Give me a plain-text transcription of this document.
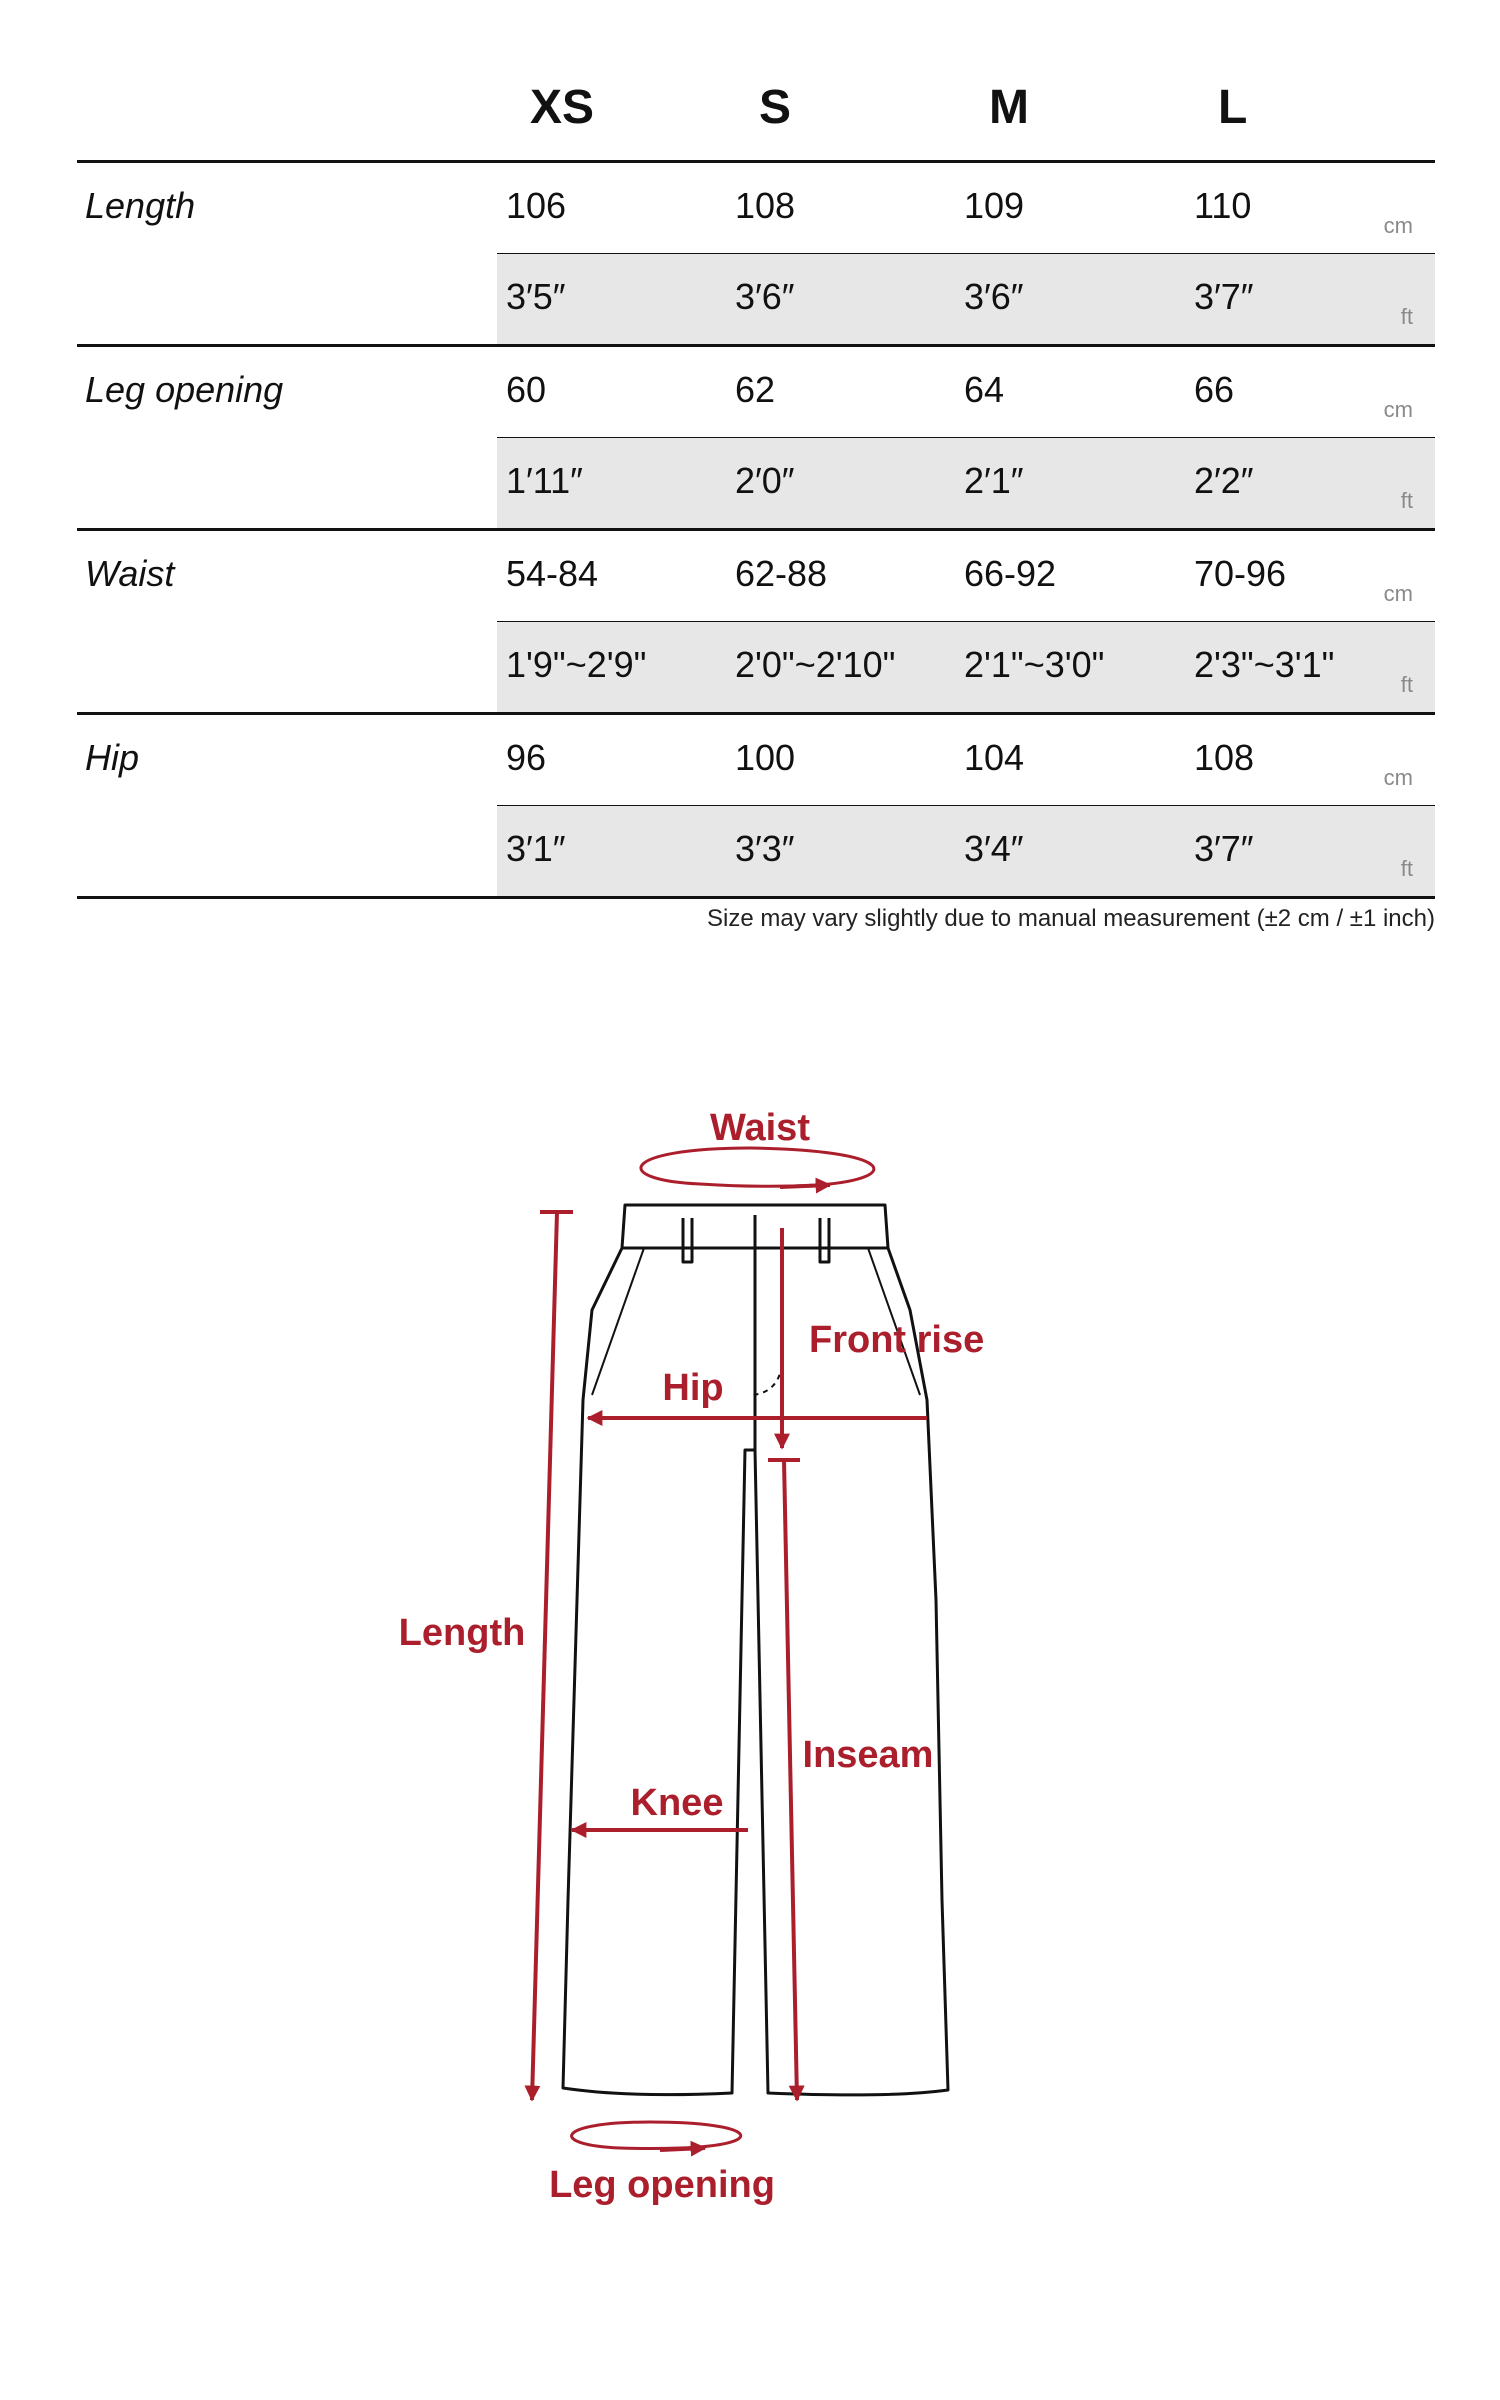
XS	S	M	L
Length	106	108	109	110	cm
3′5″	3′6″	3′6″	3′7″	ft
Leg opening	60	62	64	66	cm
1′11″	2′0″	2′1″	2′2″	ft
Waist	54-84	62-88	66-92	70-96	cm
1'9"~2'9" 2'0"~2'10" 2'1"~3'0" 2'3"~3'1"	ft
Hip	96	100	104	108	cm
3′1″	3′3″	3′4″	3′7″	ft
Size may vary slightly due to manual measurement (±2 cm / ±1 inch)
Waist
Front rise
Hip
Length
Inseam
Knee
Leg opening
